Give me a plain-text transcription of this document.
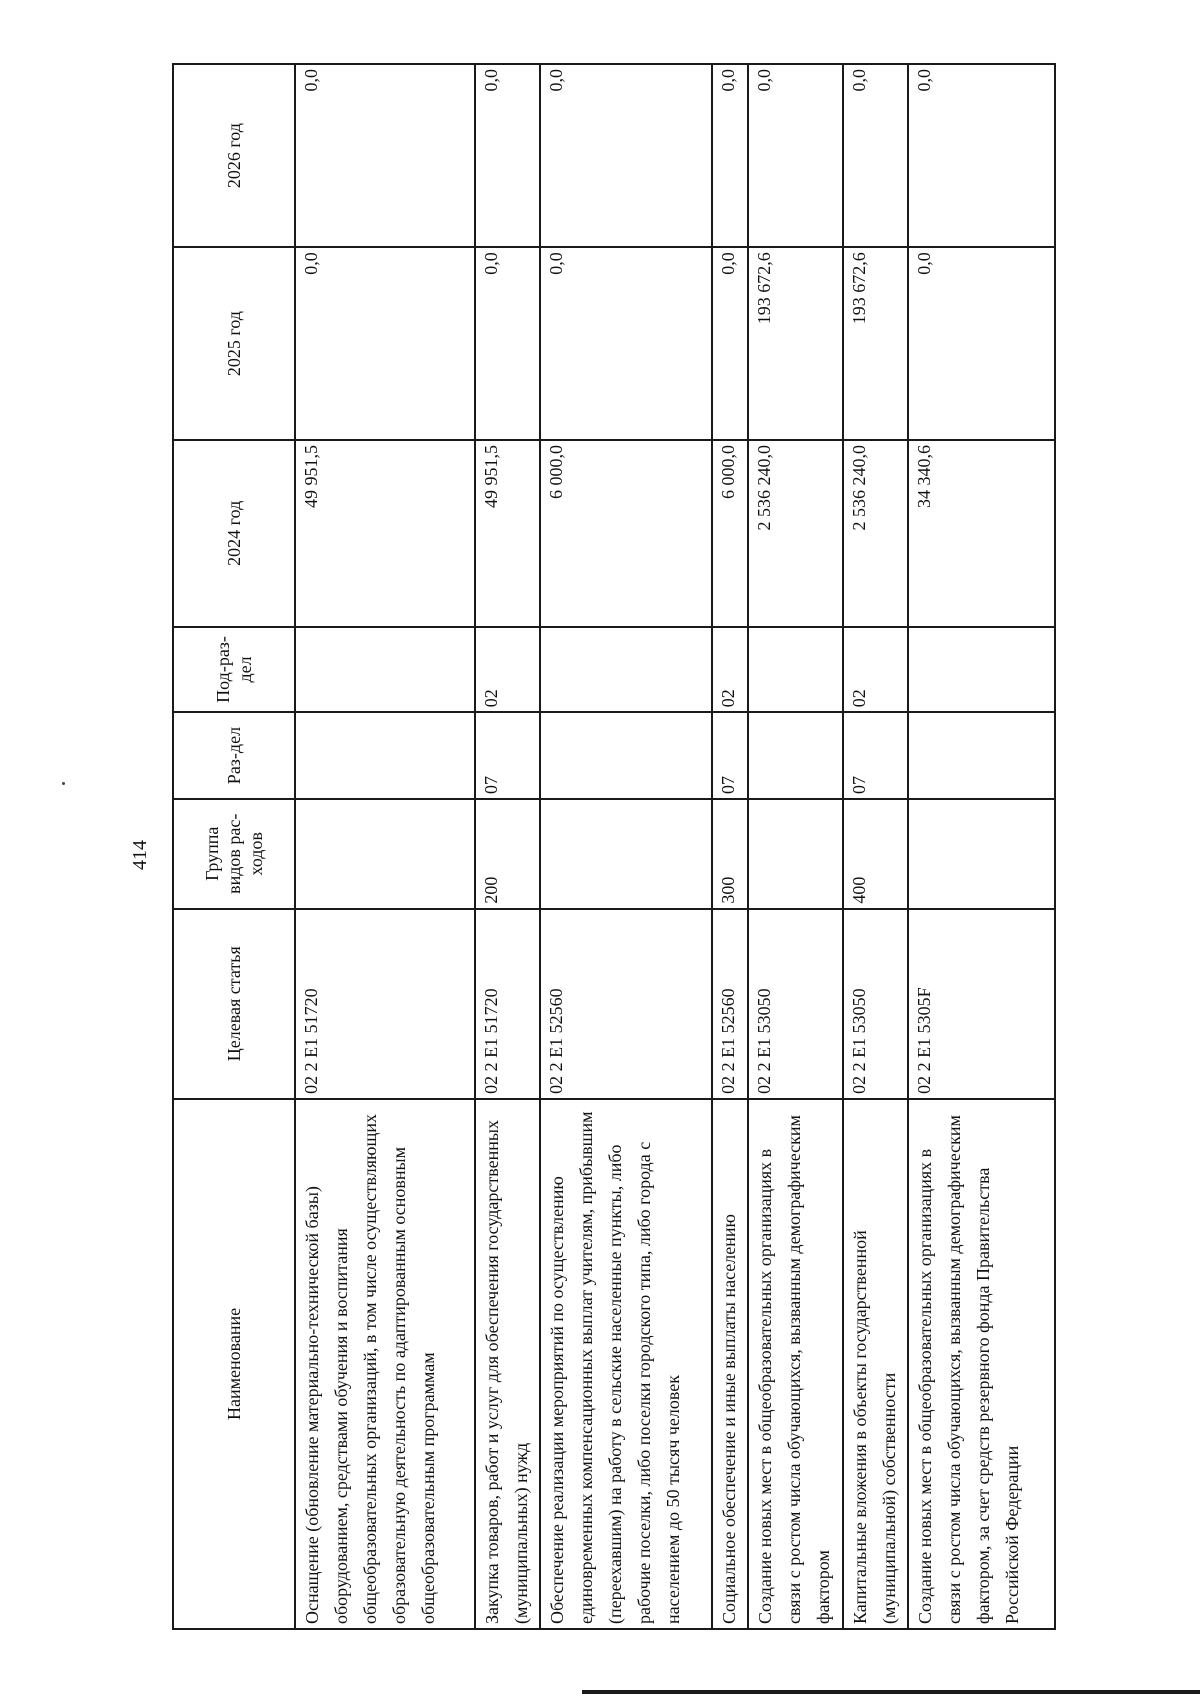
414
Наименование	Целевая статья	Группа видов рас-ходов	Раз-дел	Под-раз-дел	2024 год	2025 год	2026 год
Оснащение (обновление материально-технической базы) оборудованием, средствами обучения и воспитания общеобразовательных организаций, в том числе осуществляющих образовательную деятельность по адаптированным основным общеобразовательным программам	02 2 Е1 51720				49 951,5	0,0	0,0
Закупка товаров, работ и услуг для обеспечения государственных (муниципальных) нужд	02 2 Е1 51720	200	07	02	49 951,5	0,0	0,0
Обеспечение реализации мероприятий по осуществлению единовременных компенсационных выплат учителям, прибывшим (переехавшим) на работу в сельские населенные пункты, либо рабочие поселки, либо поселки городского типа, либо города с населением до 50 тысяч человек	02 2 Е1 52560				6 000,0	0,0	0,0
Социальное обеспечение и иные выплаты населению	02 2 Е1 52560	300	07	02	6 000,0	0,0	0,0
Создание новых мест в общеобразовательных организациях в связи с ростом числа обучающихся, вызванным демографическим фактором	02 2 Е1 53050				2 536 240,0	193 672,6	0,0
Капитальные вложения в объекты государственной (муниципальной) собственности	02 2 Е1 53050	400	07	02	2 536 240,0	193 672,6	0,0
Создание новых мест в общеобразовательных организациях в связи с ростом числа обучающихся, вызванным демографическим фактором, за счет средств резервного фонда Правительства Российской Федерации	02 2 Е1 5305F				34 340,6	0,0	0,0
